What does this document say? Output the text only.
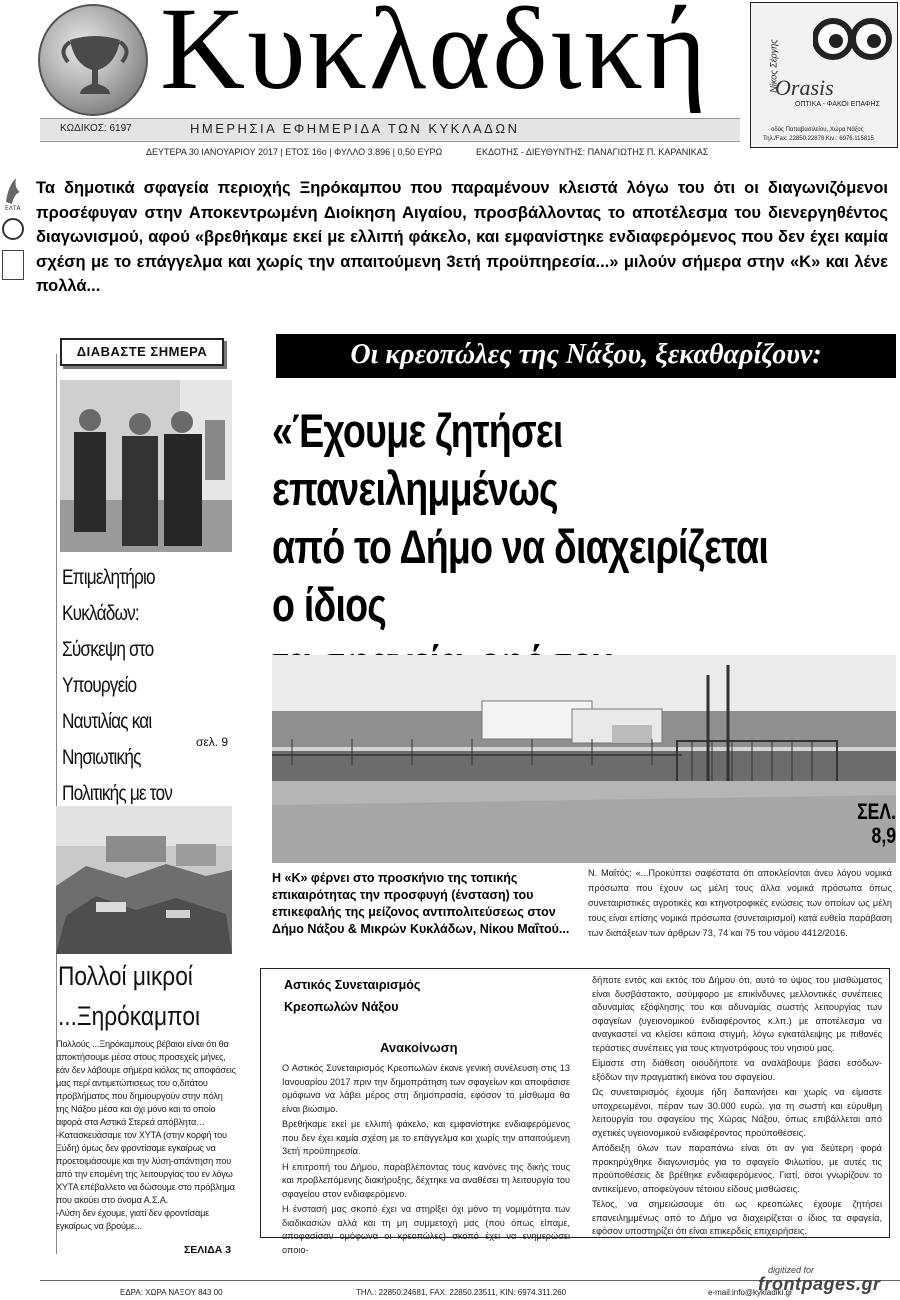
Κυκλαδική
ΚΩΔΙΚΟΣ: 6197	ΗΜΕΡΗΣΙΑ ΕΦΗΜΕΡΙΔΑ ΤΩΝ ΚΥΚΛΑΔΩΝ
ΔΕΥΤΕΡΑ 30 ΙΑΝΟΥΑΡΙΟΥ 2017 | ΕΤΟΣ 16ο | ΦΥΛΛΟ 3.896 | 0,50 ΕΥΡΩ	ΕΚΔΟΤΗΣ - ΔΙΕΥΘΥΝΤΗΣ: ΠΑΝΑΓΙΩΤΗΣ Π. ΚΑΡΑΝΙΚΑΣ
Νίκος Σέργης
Orasis
ΟΠΤΙΚΑ - ΦΑΚΟΙ ΕΠΑΦΗΣ
οδός Παπαβασιλείου, Χώρα Νάξος
Τηλ./Fax: 22850.22878 Κιν.: 6976.115815
ΕΛΤΑ
Τα δημοτικά σφαγεία περιοχής Ξηρόκαμπου που παραμένουν κλειστά λόγω του ότι οι διαγωνιζόμενοι προσέφυγαν στην Αποκεντρωμένη Διοίκηση Αιγαίου, προσβάλλοντας το αποτέλεσμα του διενεργηθέντος διαγωνισμού, αφού «βρεθήκαμε εκεί με ελλιπή φάκελο, και εμφανίστηκε ενδιαφερόμενος που δεν έχει καμία σχέση με το επάγγελμα και χωρίς την απαιτούμενη 3ετή προϋπηρεσία...» μιλούν σήμερα στην «Κ» και λένε πολλά...
ΔΙΑΒΑΣΤΕ ΣΗΜΕΡΑ
Επιμελητήριο Κυκλάδων:
Σύσκεψη στο Υπουργείο
Ναυτιλίας και Νησιωτικής
Πολιτικής με τον
σελ. 9
Πολλοί μικροί
...Ξηρόκαμποι

Πολλούς ...Ξηρόκαμπους βέβαιοι είναι ότι θα αποκτήσουμε μέσα στους προσεχείς μήνες, εάν δεν λάβουμε σήμερα κιόλας τις αποφάσεις μας περί αντιμετώπισεως του ο,διτάτου προβλήματος που δημιουργούν στην πόλη της Νάξου μέσα και όχι μόνο και το οποίο αφορά στα Αστικά Στερεά απόβλητα…

-Κατασκευάσαμε τον ΧΥΤΑ (στην κορφή του Ξύδη) όμως δεν φροντίσαμε εγκαίρως να προετοιμάσουμε και την λύση-απάντηση που από την επομένη της λειτουργίας του εν λόγω ΧΥΤΑ επέβαλλετο να δώσουμε στο πρόβλημα που ακούει στο όνομα Α.Σ.Α.

-Λύση δεν έχουμε, γιατί δεν φροντίσαμε εγκαίρως να βρούμε...

ΣΕΛΙΔΑ 3
Οι κρεοπώλες της Νάξου, ξεκαθαρίζουν:
«Έχουμε ζητήσει επανειλημμένως
από το Δήμο να διαχειρίζεται ο ίδιος
ΣΕΛ.
8,9
Η «Κ» φέρνει στο προσκήνιο της τοπικής επικαιρότητας την προσφυγή (ένσταση) του επικεφαλής της μείζονος αντιπολιτεύσεως στον Δήμο Νάξου & Μικρών Κυκλάδων, Νίκου Μαΐτού...
Ν. Μαΐτός: «...Προκύπτει σαφέστατα ότι αποκλείονται άνευ λόγου νομικά πρόσωπα που έχουν ως μέλη τους άλλα νομικά πρόσωπα όπως συνεταιριστικές αγροτικές και κτηνοτροφικές ενώσεις των οποίων ως μέλη τους είναι επίσης νομικά πρόσωπα (συνεταιρισμοί) κατά ευθεία παράβαση των διατάξεων των άρθρων 73, 74 και 75 του νόμου 4412/2016.
Αστικός Συνεταιρισμός
Κρεοπωλών Νάξου
Ανακοίνωση

Ο Αστικός Συνεταιρισμός Κρεοπωλών έκανε γενική συνέλευση στις 13 Ιανουαρίου 2017 πριν την δημοπράτηση των σφαγείων και αποφάσισε ομόφωνα να λάβει μέρος στη δημοπρασία, εφόσον το μίσθωμα θα είναι βιώσιμο.

Βρεθήκαμε εκεί με ελλιπή φάκελο, και εμφανίστηκε ενδιαφερόμενος που δεν έχει καμία σχέση με το επάγγελμα και χωρίς την απαιτούμενη 3ετή προϋπηρεσία.

Η επιτροπή του Δήμου, παραβλέποντας τους κανόνες της δικής τους και προβλεπόμενης διακήρυξης, δέχτηκε να αναθέσει τη λειτουργία του σφαγείου στον ενδιαφερόμενο.

Η ένστασή μας σκοπό έχει να στηρίξει όχι μόνο τη νομιμότητα των διαδικασιών αλλά και τη μη συμμετοχή μας (που όπως είπαμε, αποφασίσαν ομόφωνα οι κρεοπώλες) σκοπό έχει να ενημερώσει οποιο-

δήποτε εντός και εκτός του Δήμου ότι, αυτό το ύψος του μισθώματος είναι δυσβάστακτο, ασύμφορο με επικίνδυνες μελλοντικές συνέπειες αδυναμίας εξόφλησης του και αδυναμίας σωστής λειτουργίας των σφαγείων (υγειονομικού ενδιαφέροντος κ.λπ.) με αποτέλεσμα να αναγκαστεί να κλείσει κάποια στιγμή, λόγω εγκατάλειψης με πιθανές τεράστιες συνέπειες για τους κτηνοτρόφους του νησιού μας.

Είμαστε στη διάθεση οιουδήποτε να αναλάβουμε βάσει εσόδων-εξόδων την πραγματική εικόνα του σφαγείου.

Ως συνεταιρισμός έχουμε ήδη δαπανήσει και χωρίς να είμαστε υποχρεωμένοι, πέραν των 30.000 ευρώ, για τη σωστή και εύρυθμη λειτουργία του σφαγείου της Χώρας Νάξου, όπως επιβάλλεται από σχετικές υγειονομικού ενδιαφέροντος προϋποθέσεις.

Απόδειξη όλων των παραπάνω είναι ότι αν για δεύτερη φορά προκηρύχθηκε διαγωνισμός για το σφαγείο Φιλωτίου, με αυτές τις προϋποθέσεις δε βρέθηκε ενδιαφερόμενος. Γιατί, όσοι γνωρίζουν το αντικείμενο, αποφεύγουν τέτοιου είδους μισθώσεις.

Τέλος, να σημειώσουμε ότι ως κρεοπώλες έχουμε ζητήσει επανειλημμένως από το Δήμο να διαχειρίζεται ο ίδιος τα σφαγεία, εφόσον υποστηρίζει ότι είναι επικερδείς επιχειρήσεις.

ΕΔΡΑ: ΧΩΡΑ ΝΑΞΟΥ 843 00	ΤΗΛ.: 22850.24681, FAX: 22850.23511, ΚΙΝ: 6974.311.260	e-mail:info@kykladiki.gr
digitized for
frontpages.gr
